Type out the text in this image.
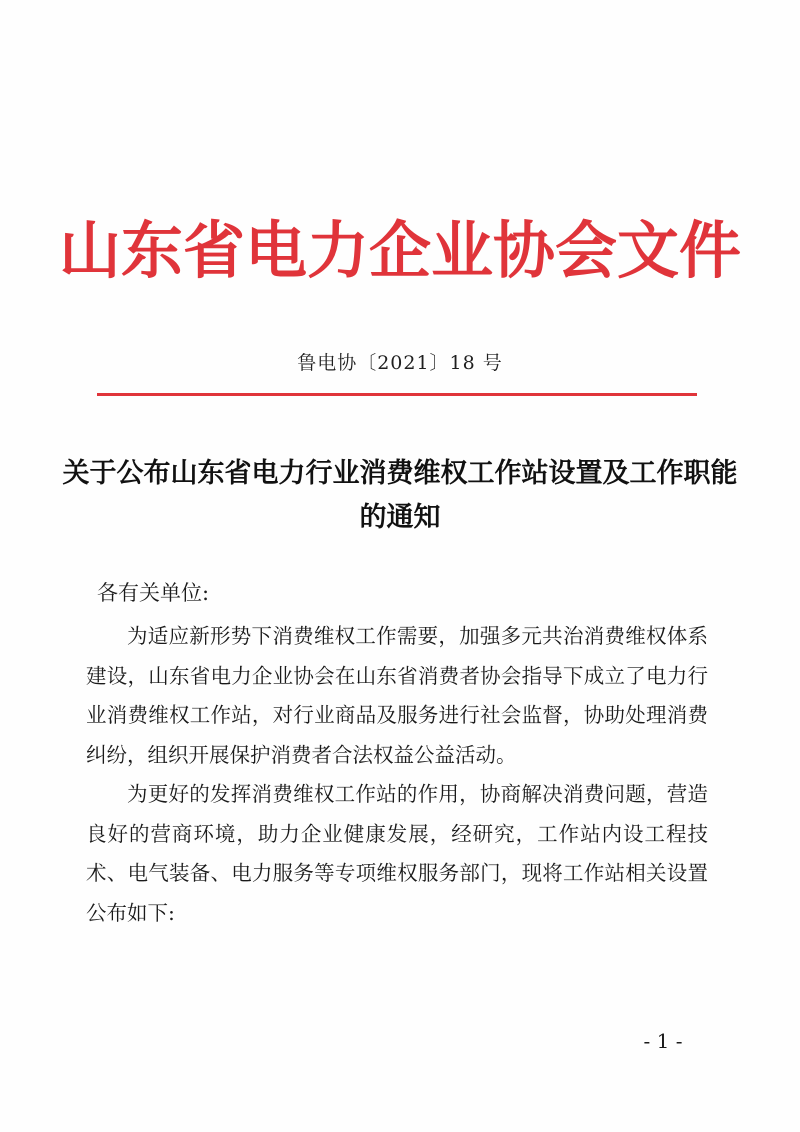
山东省电力企业协会文件
鲁电协〔2021〕18 号
关于公布山东省电力行业消费维权工作站设置及工作职能的通知
各有关单位:
为适应新形势下消费维权工作需要，加强多元共治消费维权体系建设，山东省电力企业协会在山东省消费者协会指导下成立了电力行业消费维权工作站，对行业商品及服务进行社会监督，协助处理消费纠纷，组织开展保护消费者合法权益公益活动。
为更好的发挥消费维权工作站的作用，协商解决消费问题，营造良好的营商环境，助力企业健康发展，经研究，工作站内设工程技术、电气装备、电力服务等专项维权服务部门，现将工作站相关设置公布如下:
- 1 -
